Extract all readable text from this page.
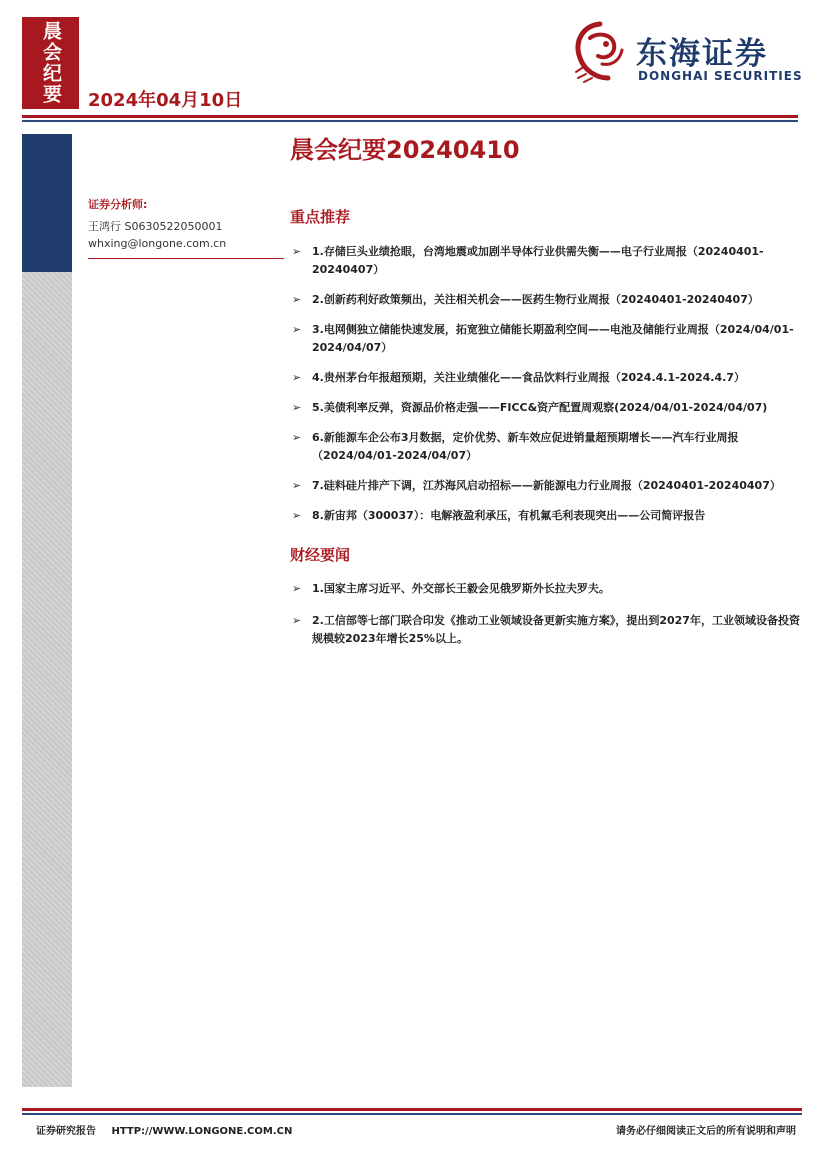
晨会纪要	2024年04月10日
东海证券
DONGHAI SECURITIES
晨会纪要20240410
证券分析师:
王鸿行 S0630522050001
whxing@longone.com.cn
重点推荐
➢ 1.存储巨头业绩抢眼，台湾地震或加剧半导体行业供需失衡——电子行业周报（20240401-20240407）
➢ 2.创新药利好政策频出，关注相关机会——医药生物行业周报（20240401-20240407）
➢ 3.电网侧独立储能快速发展，拓宽独立储能长期盈利空间——电池及储能行业周报（2024/04/01-2024/04/07）
➢ 4.贵州茅台年报超预期，关注业绩催化——食品饮料行业周报（2024.4.1-2024.4.7）
➢ 5.美债利率反弹，资源品价格走强——FICC&资产配置周观察(2024/04/01-2024/04/07)
➢ 6.新能源车企公布3月数据，定价优势、新车效应促进销量超预期增长——汽车行业周报（2024/04/01-2024/04/07）
➢ 7.硅料硅片排产下调，江苏海风启动招标——新能源电力行业周报（20240401-20240407）
➢ 8.新宙邦（300037）：电解液盈利承压，有机氟毛利表现突出——公司简评报告
财经要闻
➢ 1.国家主席习近平、外交部长王毅会见俄罗斯外长拉夫罗夫。
➢ 2.工信部等七部门联合印发《推动工业领域设备更新实施方案》，提出到2027年，工业领域设备投资规模较2023年增长25%以上。
证券研究报告 HTTP://WWW.LONGONE.COM.CN	请务必仔细阅读正文后的所有说明和声明
